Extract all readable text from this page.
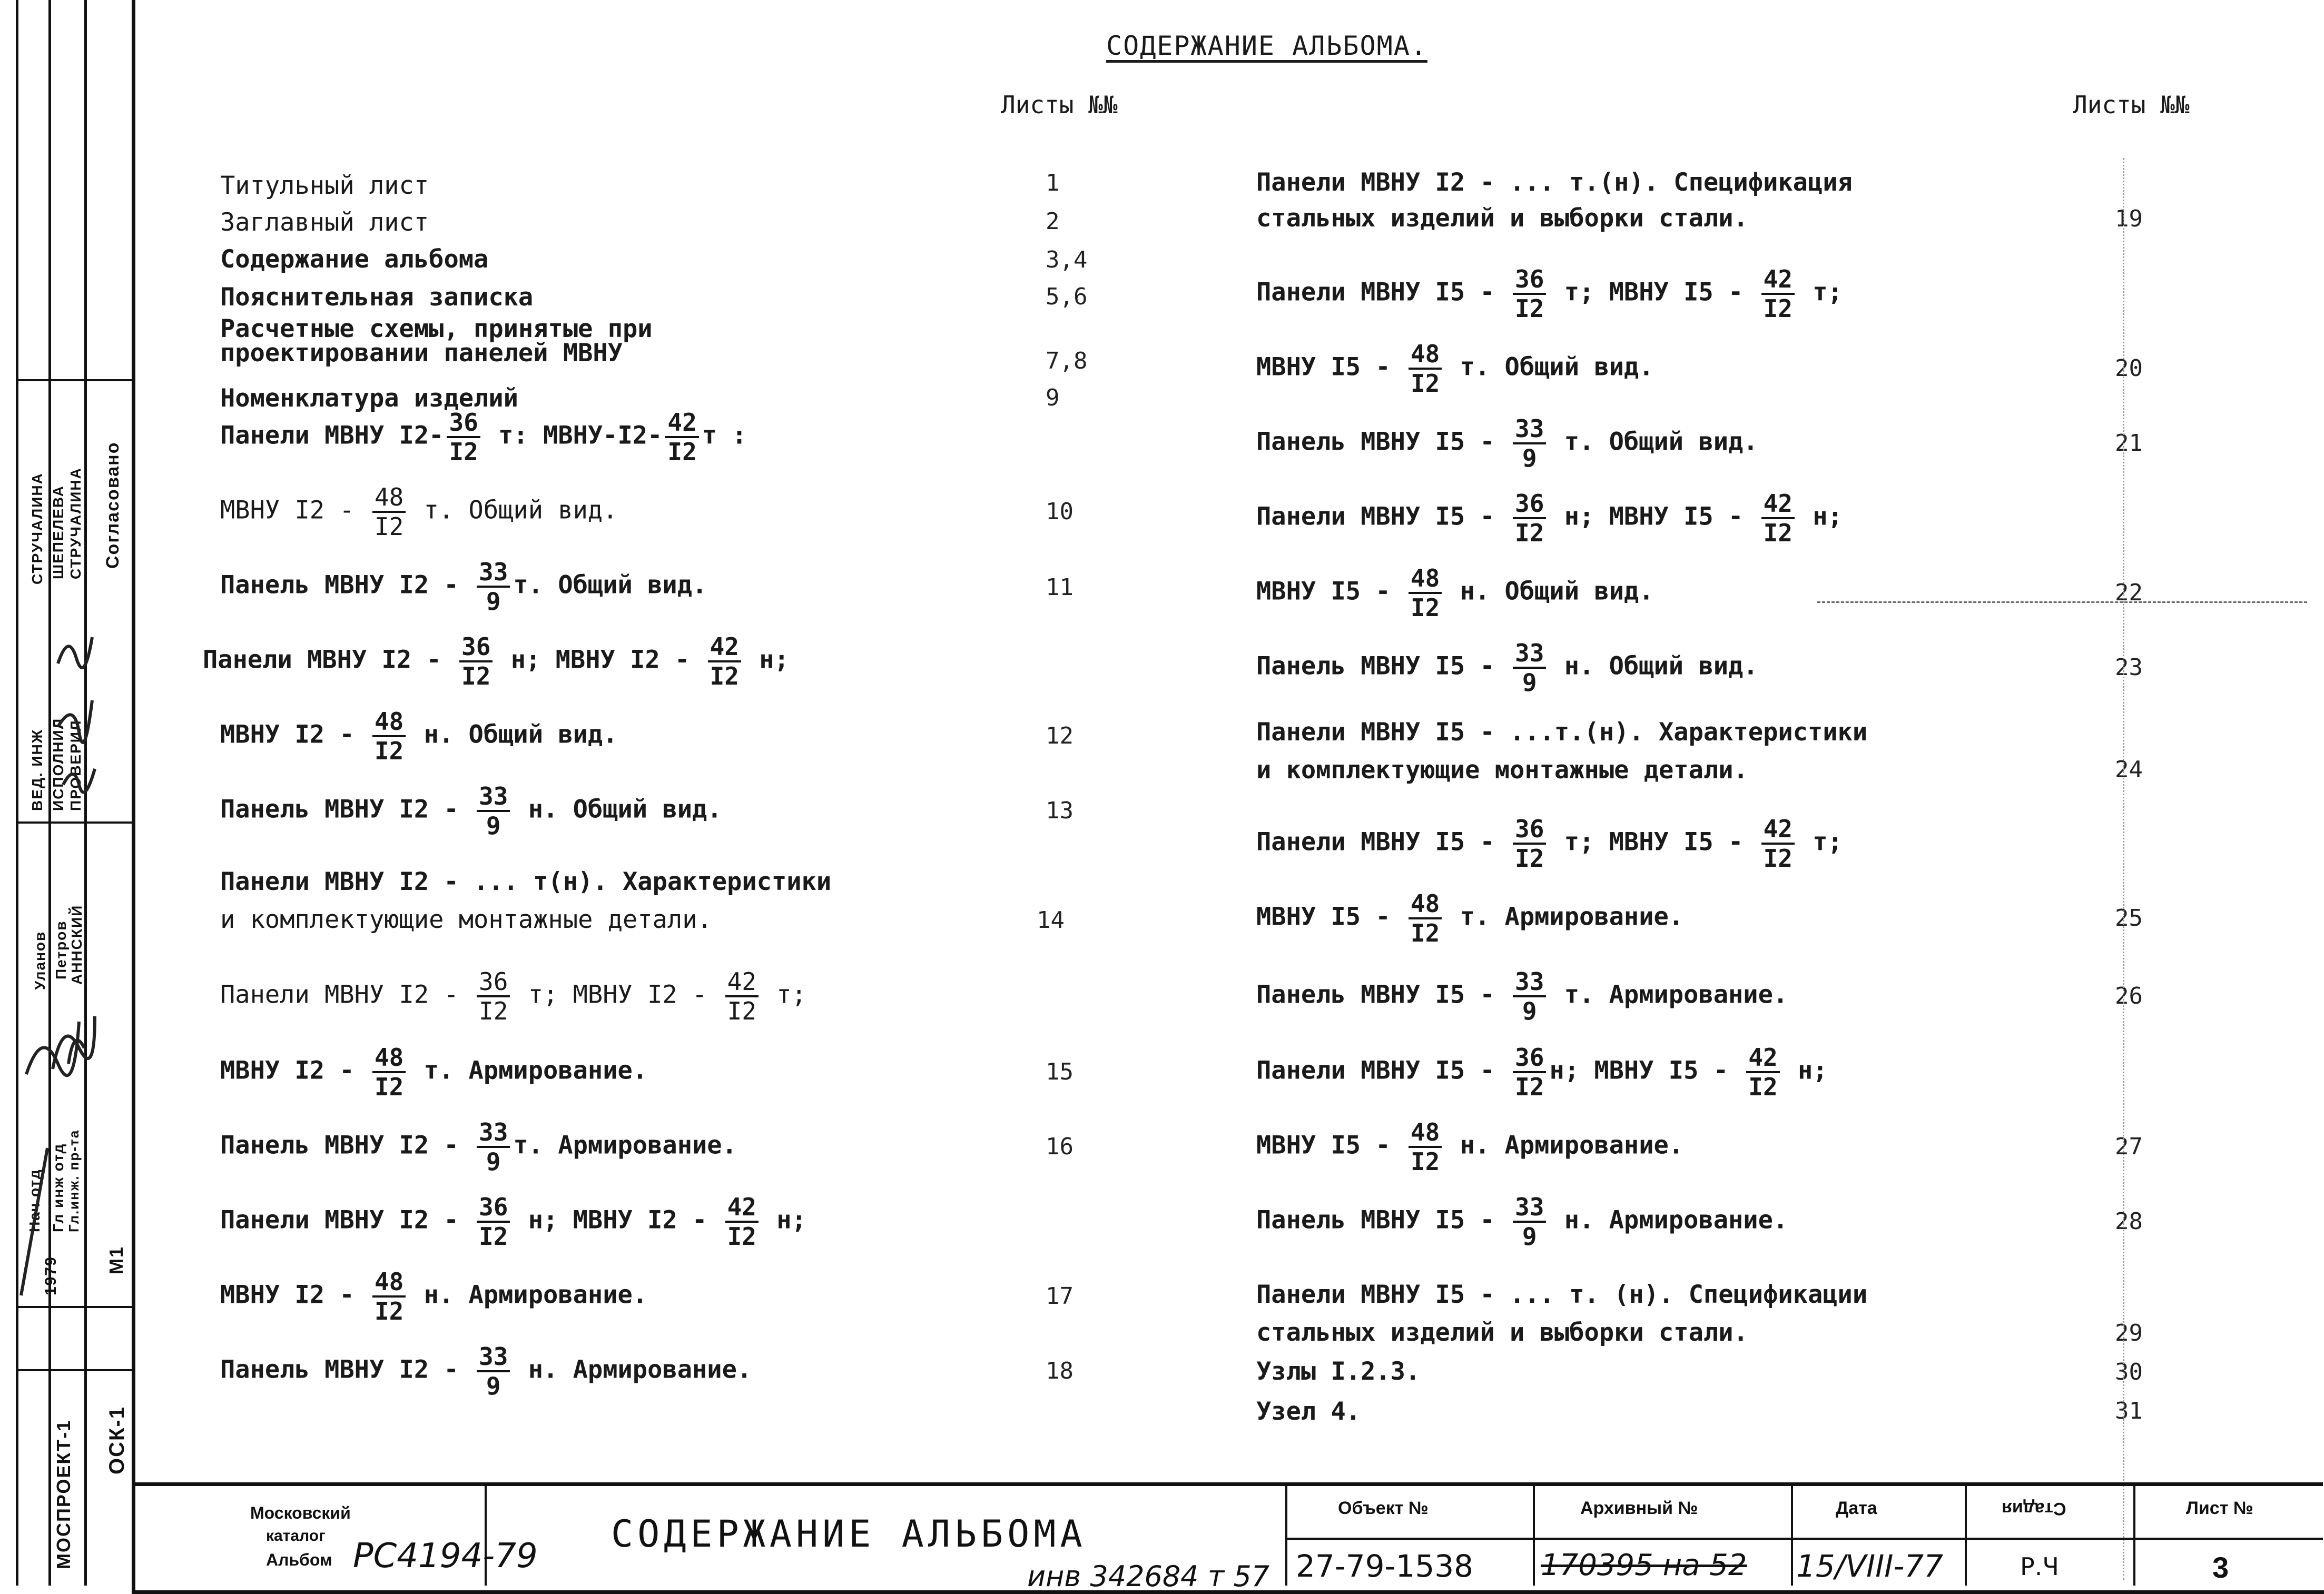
Согласовано
МОСПРОЕКТ-1 ОСК-1
1979 М1
Нач отд Гл инж отд Гл.инж. пр-та
Уланов Петров АННСКИЙ
ВЕД. ИНЖ ИСПОЛНИЛ ПРОВЕРИЛ
СТРУЧАЛИНА ШЕПЕЛЕВА СТРУЧАЛИНА
СОДЕРЖАНИЕ АЛЬБОМА.
Листы №№	Листы №№
Титульный лист	1
Заглавный лист	2
Содержание альбома	3,4
Пояснительная записка	5,6
Расчетные схемы, принятые при
проектировании панелей МВНУ	7,8
Номенклатура изделий	9
Панели МВНУ $I2- \frac{36}{I2} т$: МВНУ-I2- $\frac{42}{I2}$ т :
МВНУ $I2 - \frac{48}{I2} т$. Общий вид.	10
Панель МВНУ $I2 - \frac{33}{9} т$. Общий вид.	11
Панели МВНУ $I2 - \frac{36}{I2} н$; МВНУ $I2 - \frac{42}{I2} н$;
МВНУ $I2 - \frac{48}{I2} н$. Общий вид.	12
Панель МВНУ $I2 - \frac{33}{9} н$. Общий вид.	13
Панели МВНУ I2 - ... т(н). Характеристики
и комплектующие монтажные детали.	14
Панели МВНУ $I2 - \frac{36}{I2} т$; МВНУ $I2 - \frac{42}{I2} т$;
МВНУ $I2 - \frac{48}{I2} т$. Армирование.	15
Панель МВНУ $I2 - \frac{33}{9} т$. Армирование.	16
Панели МВНУ $I2 - \frac{36}{I2} н$; МВНУ $I2 - \frac{42}{I2} н$;
МВНУ $I2 - \frac{48}{I2} н$. Армирование.	17
Панель МВНУ $I2 - \frac{33}{9} н$. Армирование.	18
Панели МВНУ I2 - ... т.(н). Спецификация
стальных изделий и выборки стали.	19
Панели МВНУ $I5 - \frac{36}{I2} т$; МВНУ $I5 - \frac{42}{I2} т$;
МВНУ $I5 - \frac{48}{I2} т$. Общий вид.	20
Панель МВНУ $I5 - \frac{33}{9} т$. Общий вид.	21
Панели МВНУ $I5 - \frac{36}{I2} н$; МВНУ $I5 - \frac{42}{I2} н$;
МВНУ $I5 - \frac{48}{I2} н$. Общий вид.	22
Панель МВНУ $I5 - \frac{33}{9} н$. Общий вид.	23
Панели МВНУ I5 - ...т.(н). Характеристики
и комплектующие монтажные детали.	24
Панели МВНУ $I5 - \frac{36}{I2} т$; МВНУ $I5 - \frac{42}{I2} т$;
МВНУ $I5 - \frac{48}{I2} т$. Армирование.	25
Панель МВНУ $I5 - \frac{33}{9} т$. Армирование.	26
Панели МВНУ $I5 - \frac{36}{I2} н$; МВНУ $I5 - \frac{42}{I2} н$;
МВНУ $I5 - \frac{48}{I2} н$. Армирование.	27
Панель МВНУ $I5 - \frac{33}{9} н$. Армирование.	28
Панели МВНУ I5 - ... т. (н). Спецификации
стальных изделий и выборки стали.	29
Узлы I.2.3.	30
Узел 4.	31
Московский
каталог
Альбом РС4194-79
СОДЕРЖАНИЕ АЛЬБОМА
инв 342684 т 57
Объект №	Архивный №	Дата	Стадия	Лист №
27-79-1538 170395 на 52 15/VIII-77	Р.Ч	3
